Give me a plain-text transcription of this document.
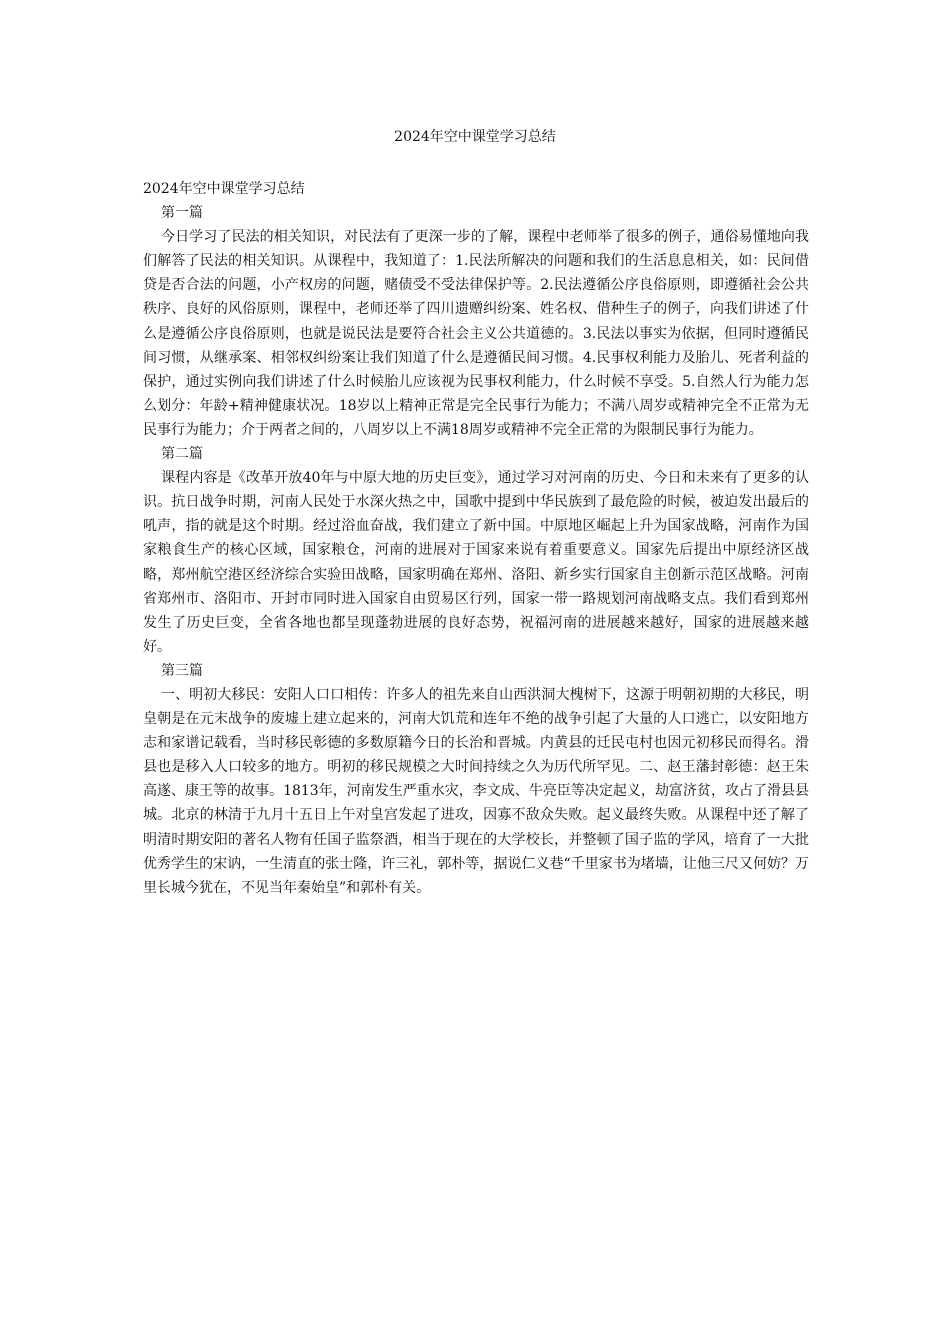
2024年空中课堂学习总结

2024年空中课堂学习总结

第一篇

今日学习了民法的相关知识，对民法有了更深一步的了解，课程中老师举了很多的例子，通俗易懂地向我们解答了民法的相关知识。从课程中，我知道了：1.民法所解决的问题和我们的生活息息相关，如：民间借贷是否合法的问题，小产权房的问题，赌债受不受法律保护等。2.民法遵循公序良俗原则，即遵循社会公共秩序、良好的风俗原则，课程中，老师还举了四川遗赠纠纷案、姓名权、借种生子的例子，向我们讲述了什么是遵循公序良俗原则，也就是说民法是要符合社会主义公共道德的。3.民法以事实为依据，但同时遵循民间习惯，从继承案、相邻权纠纷案让我们知道了什么是遵循民间习惯。4.民事权利能力及胎儿、死者利益的保护，通过实例向我们讲述了什么时候胎儿应该视为民事权利能力，什么时候不享受。5.自然人行为能力怎么划分：年龄+精神健康状况。18岁以上精神正常是完全民事行为能力；不满八周岁或精神完全不正常为无民事行为能力；介于两者之间的，八周岁以上不满18周岁或精神不完全正常的为限制民事行为能力。

第二篇

课程内容是《改革开放40年与中原大地的历史巨变》，通过学习对河南的历史、今日和未来有了更多的认识。抗日战争时期，河南人民处于水深火热之中，国歌中提到中华民族到了最危险的时候，被迫发出最后的吼声，指的就是这个时期。经过浴血奋战，我们建立了新中国。中原地区崛起上升为国家战略，河南作为国家粮食生产的核心区域，国家粮仓，河南的进展对于国家来说有着重要意义。国家先后提出中原经济区战略，郑州航空港区经济综合实验田战略，国家明确在郑州、洛阳、新乡实行国家自主创新示范区战略。河南省郑州市、洛阳市、开封市同时进入国家自由贸易区行列，国家一带一路规划河南战略支点。我们看到郑州发生了历史巨变，全省各地也都呈现蓬勃进展的良好态势，祝福河南的进展越来越好，国家的进展越来越好。

第三篇

一、明初大移民：安阳人口口相传：许多人的祖先来自山西洪洞大槐树下，这源于明朝初期的大移民，明皇朝是在元末战争的废墟上建立起来的，河南大饥荒和连年不绝的战争引起了大量的人口逃亡，以安阳地方志和家谱记载看，当时移民彰德的多数原籍今日的长治和晋城。内黄县的迁民屯村也因元初移民而得名。滑县也是移入人口较多的地方。明初的移民规模之大时间持续之久为历代所罕见。二、赵王藩封彰德：赵王朱高遂、康王等的故事。1813年，河南发生严重水灾，李文成、牛亮臣等决定起义，劫富济贫，攻占了滑县县城。北京的林清于九月十五日上午对皇宫发起了进攻，因寡不敌众失败。起义最终失败。从课程中还了解了明清时期安阳的著名人物有任国子监祭酒，相当于现在的大学校长，并整顿了国子监的学风，培育了一大批优秀学生的宋讷，一生清直的张士隆，许三礼，郭朴等，据说仁义巷“千里家书为堵墙，让他三尺又何妨？万里长城今犹在，不见当年秦始皇”和郭朴有关。
